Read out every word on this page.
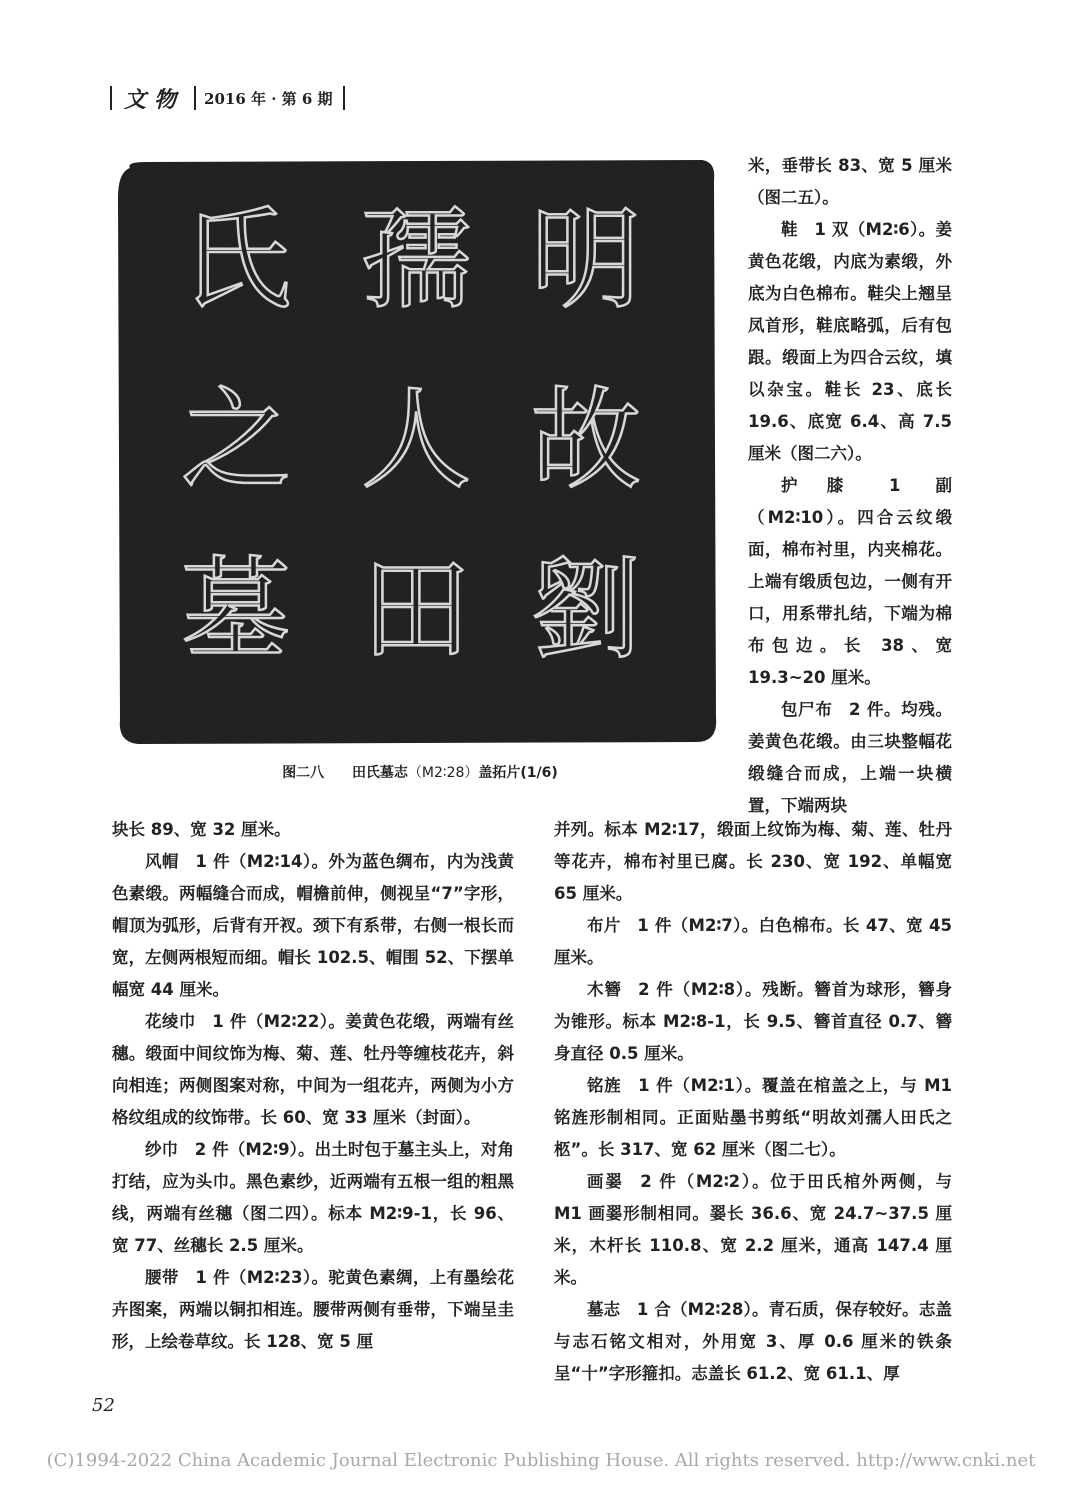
文物 2016 年 · 第 6 期
明
故
劉
孺
人
田
氏
之
墓
图二八 田氏墓志（M2∶28）盖拓片(1/6)

米，垂带长 83、宽 5 厘米（图二五）。

鞋  1 双（M2∶6）。姜黄色花缎，内底为素缎，外底为白色棉布。鞋尖上翘呈凤首形，鞋底略弧，后有包跟。缎面上为四合云纹，填以杂宝。鞋长 23、底长 19.6、底宽 6.4、高 7.5 厘米（图二六）。

护膝  1 副（M2∶10）。四合云纹缎面，棉布衬里，内夹棉花。上端有缎质包边，一侧有开口，用系带扎结，下端为棉布包边。长 38、宽 19.3~20 厘米。

包尸布  2 件。均残。姜黄色花缎。由三块整幅花缎缝合而成，上端一块横置，下端两块

块长 89、宽 32 厘米。

风帽  1 件（M2∶14）。外为蓝色绸布，内为浅黄色素缎。两幅缝合而成，帽檐前伸，侧视呈“7”字形，帽顶为弧形，后背有开衩。颈下有系带，右侧一根长而宽，左侧两根短而细。帽长 102.5、帽围 52、下摆单幅宽 44 厘米。

花绫巾  1 件（M2∶22）。姜黄色花缎，两端有丝穗。缎面中间纹饰为梅、菊、莲、牡丹等缠枝花卉，斜向相连；两侧图案对称，中间为一组花卉，两侧为小方格纹组成的纹饰带。长 60、宽 33 厘米（封面）。

纱巾  2 件（M2∶9）。出土时包于墓主头上，对角打结，应为头巾。黑色素纱，近两端有五根一组的粗黑线，两端有丝穗（图二四）。标本 M2∶9-1，长 96、宽 77、丝穗长 2.5 厘米。

腰带  1 件（M2∶23）。驼黄色素绸，上有墨绘花卉图案，两端以铜扣相连。腰带两侧有垂带，下端呈圭形，上绘卷草纹。长 128、宽 5 厘

并列。标本 M2∶17，缎面上纹饰为梅、菊、莲、牡丹等花卉，棉布衬里已腐。长 230、宽 192、单幅宽 65 厘米。

布片  1 件（M2∶7）。白色棉布。长 47、宽 45 厘米。

木簪  2 件（M2∶8）。残断。簪首为球形，簪身为锥形。标本 M2∶8-1，长 9.5、簪首直径 0.7、簪身直径 0.5 厘米。

铭旌  1 件（M2∶1）。覆盖在棺盖之上，与 M1 铭旌形制相同。正面贴墨书剪纸“明故刘孺人田氏之柩”。长 317、宽 62 厘米（图二七）。

画翣  2 件（M2∶2）。位于田氏棺外两侧，与 M1 画翣形制相同。翣长 36.6、宽 24.7~37.5 厘米，木杆长 110.8、宽 2.2 厘米，通高 147.4 厘米。

墓志  1 合（M2∶28）。青石质，保存较好。志盖与志石铭文相对，外用宽 3、厚 0.6 厘米的铁条呈“十”字形箍扣。志盖长 61.2、宽 61.1、厚

52
(C)1994-2022 China Academic Journal Electronic Publishing House. All rights reserved. http://www.cnki.net
